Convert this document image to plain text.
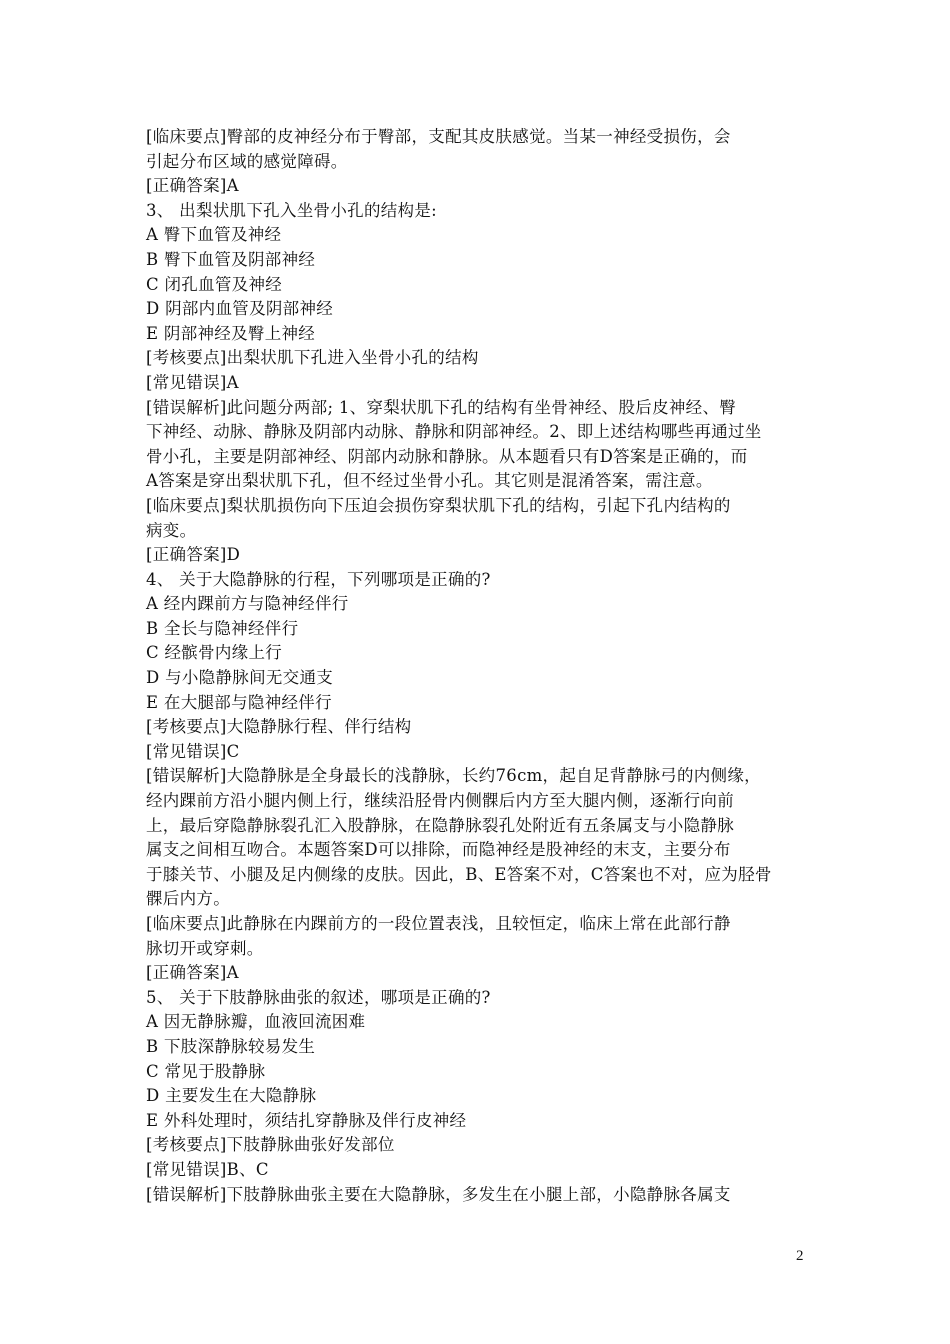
[临床要点]臀部的皮神经分布于臀部，支配其皮肤感觉。当某一神经受损伤，会
引起分布区域的感觉障碍。
[正确答案]A
3、 出梨状肌下孔入坐骨小孔的结构是:
A 臀下血管及神经
B 臀下血管及阴部神经
C 闭孔血管及神经
D 阴部内血管及阴部神经
E 阴部神经及臀上神经
[考核要点]出梨状肌下孔进入坐骨小孔的结构
[常见错误]A
[错误解析]此问题分两部; 1、穿梨状肌下孔的结构有坐骨神经、股后皮神经、臀
下神经、动脉、静脉及阴部内动脉、静脉和阴部神经。2、即上述结构哪些再通过坐
骨小孔，主要是阴部神经、阴部内动脉和静脉。从本题看只有D答案是正确的，而
A答案是穿出梨状肌下孔，但不经过坐骨小孔。其它则是混淆答案，需注意。
[临床要点]梨状肌损伤向下压迫会损伤穿梨状肌下孔的结构，引起下孔内结构的
病变。
[正确答案]D
4、 关于大隐静脉的行程，下列哪项是正确的?
A 经内踝前方与隐神经伴行
B 全长与隐神经伴行
C 经髌骨内缘上行
D 与小隐静脉间无交通支
E 在大腿部与隐神经伴行
[考核要点]大隐静脉行程、伴行结构
[常见错误]C
[错误解析]大隐静脉是全身最长的浅静脉，长约76cm，起自足背静脉弓的内侧缘，
经内踝前方沿小腿内侧上行，继续沿胫骨内侧髁后内方至大腿内侧，逐渐行向前
上，最后穿隐静脉裂孔汇入股静脉，在隐静脉裂孔处附近有五条属支与小隐静脉
属支之间相互吻合。本题答案D可以排除，而隐神经是股神经的末支，主要分布
于膝关节、小腿及足内侧缘的皮肤。因此，B、E答案不对，C答案也不对，应为胫骨
髁后内方。
[临床要点]此静脉在内踝前方的一段位置表浅，且较恒定，临床上常在此部行静
脉切开或穿刺。
[正确答案]A
5、 关于下肢静脉曲张的叙述，哪项是正确的?
A 因无静脉瓣，血液回流困难
B 下肢深静脉较易发生
C 常见于股静脉
D 主要发生在大隐静脉
E 外科处理时，须结扎穿静脉及伴行皮神经
[考核要点]下肢静脉曲张好发部位
[常见错误]B、C
[错误解析]下肢静脉曲张主要在大隐静脉，多发生在小腿上部，小隐静脉各属支
2
